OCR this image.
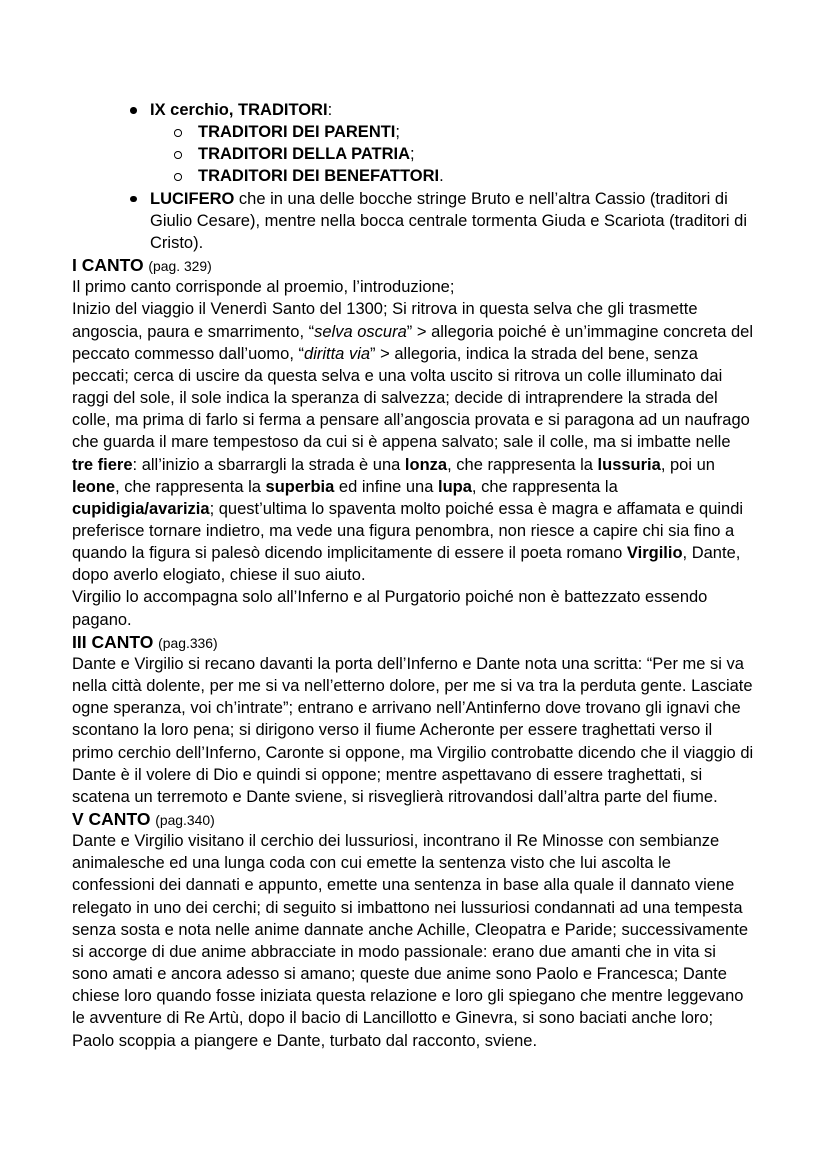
IX cerchio, TRADITORI:
TRADITORI DEI PARENTI;
TRADITORI DELLA PATRIA;
TRADITORI DEI BENEFATTORI.
LUCIFERO che in una delle bocche stringe Bruto e nell’altra Cassio (traditori di
Giulio Cesare), mentre nella bocca centrale tormenta Giuda e Scariota (traditori di
Cristo).
I CANTO (pag. 329)
Il primo canto corrisponde al proemio, l’introduzione;
Inizio del viaggio il Venerdì Santo del 1300; Si ritrova in questa selva che gli trasmette
angoscia, paura e smarrimento, “selva oscura” > allegoria poiché è un’immagine concreta del
peccato commesso dall’uomo, “diritta via” > allegoria, indica la strada del bene, senza
peccati; cerca di uscire da questa selva e una volta uscito si ritrova un colle illuminato dai
raggi del sole, il sole indica la speranza di salvezza; decide di intraprendere la strada del
colle, ma prima di farlo si ferma a pensare all’angoscia provata e si paragona ad un naufrago
che guarda il mare tempestoso da cui si è appena salvato; sale il colle, ma si imbatte nelle
tre fiere: all’inizio a sbarrargli la strada è una lonza, che rappresenta la lussuria, poi un
leone, che rappresenta la superbia ed infine una lupa, che rappresenta la
cupidigia/avarizia; quest’ultima lo spaventa molto poiché essa è magra e affamata e quindi
preferisce tornare indietro, ma vede una figura penombra, non riesce a capire chi sia fino a
quando la figura si palesò dicendo implicitamente di essere il poeta romano Virgilio, Dante,
dopo averlo elogiato, chiese il suo aiuto.
Virgilio lo accompagna solo all’Inferno e al Purgatorio poiché non è battezzato essendo
pagano.
III CANTO (pag.336)
Dante e Virgilio si recano davanti la porta dell’Inferno e Dante nota una scritta: “Per me si va
nella città dolente, per me si va nell’etterno dolore, per me si va tra la perduta gente. Lasciate
ogne speranza, voi ch’intrate”; entrano e arrivano nell’Antinferno dove trovano gli ignavi che
scontano la loro pena; si dirigono verso il fiume Acheronte per essere traghettati verso il
primo cerchio dell’Inferno, Caronte si oppone, ma Virgilio controbatte dicendo che il viaggio di
Dante è il volere di Dio e quindi si oppone; mentre aspettavano di essere traghettati, si
scatena un terremoto e Dante sviene, si risveglierà ritrovandosi dall’altra parte del fiume.
V CANTO (pag.340)
Dante e Virgilio visitano il cerchio dei lussuriosi, incontrano il Re Minosse con sembianze
animalesche ed una lunga coda con cui emette la sentenza visto che lui ascolta le
confessioni dei dannati e appunto, emette una sentenza in base alla quale il dannato viene
relegato in uno dei cerchi; di seguito si imbattono nei lussuriosi condannati ad una tempesta
senza sosta e nota nelle anime dannate anche Achille, Cleopatra e Paride; successivamente
si accorge di due anime abbracciate in modo passionale: erano due amanti che in vita si
sono amati e ancora adesso si amano; queste due anime sono Paolo e Francesca; Dante
chiese loro quando fosse iniziata questa relazione e loro gli spiegano che mentre leggevano
le avventure di Re Artù, dopo il bacio di Lancillotto e Ginevra, si sono baciati anche loro;
Paolo scoppia a piangere e Dante, turbato dal racconto, sviene.
